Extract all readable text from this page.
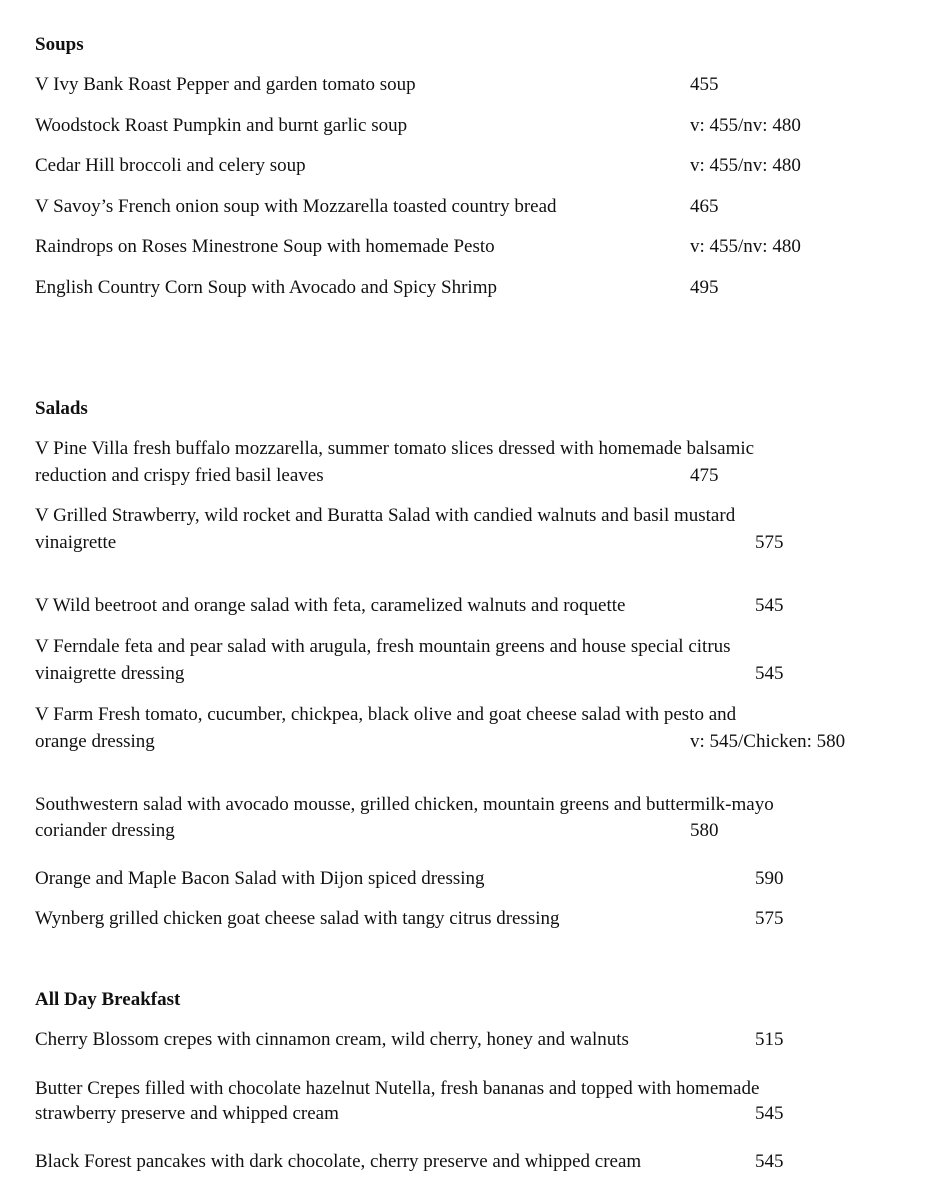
Soups
V Ivy Bank Roast Pepper and garden tomato soup	455
Woodstock Roast Pumpkin and burnt garlic soup	v: 455/nv: 480
Cedar Hill broccoli and celery soup	v: 455/nv: 480
V Savoy’s French onion soup with Mozzarella toasted country bread	465
Raindrops on Roses Minestrone Soup with homemade Pesto	v: 455/nv: 480
English Country Corn Soup with Avocado and Spicy Shrimp	495
Salads
V Pine Villa fresh buffalo mozzarella, summer tomato slices dressed with homemade balsamic
reduction and crispy fried basil leaves	475
V Grilled Strawberry, wild rocket and Buratta Salad with candied walnuts and basil mustard
vinaigrette	575
V Wild beetroot and orange salad with feta, caramelized walnuts and roquette	545
V Ferndale feta and pear salad with arugula, fresh mountain greens and house special citrus
vinaigrette dressing	545
V Farm Fresh tomato, cucumber, chickpea, black olive and goat cheese salad with pesto and
orange dressing	v: 545/Chicken: 580
Southwestern salad with avocado mousse, grilled chicken, mountain greens and buttermilk-mayo
coriander dressing	580
Orange and Maple Bacon Salad with Dijon spiced dressing	590
Wynberg grilled chicken goat cheese salad with tangy citrus dressing	575
All Day Breakfast
Cherry Blossom crepes with cinnamon cream, wild cherry, honey and walnuts	515
Butter Crepes filled with chocolate hazelnut Nutella, fresh bananas and topped with homemade
strawberry preserve and whipped cream	545
Black Forest pancakes with dark chocolate, cherry preserve and whipped cream	545
